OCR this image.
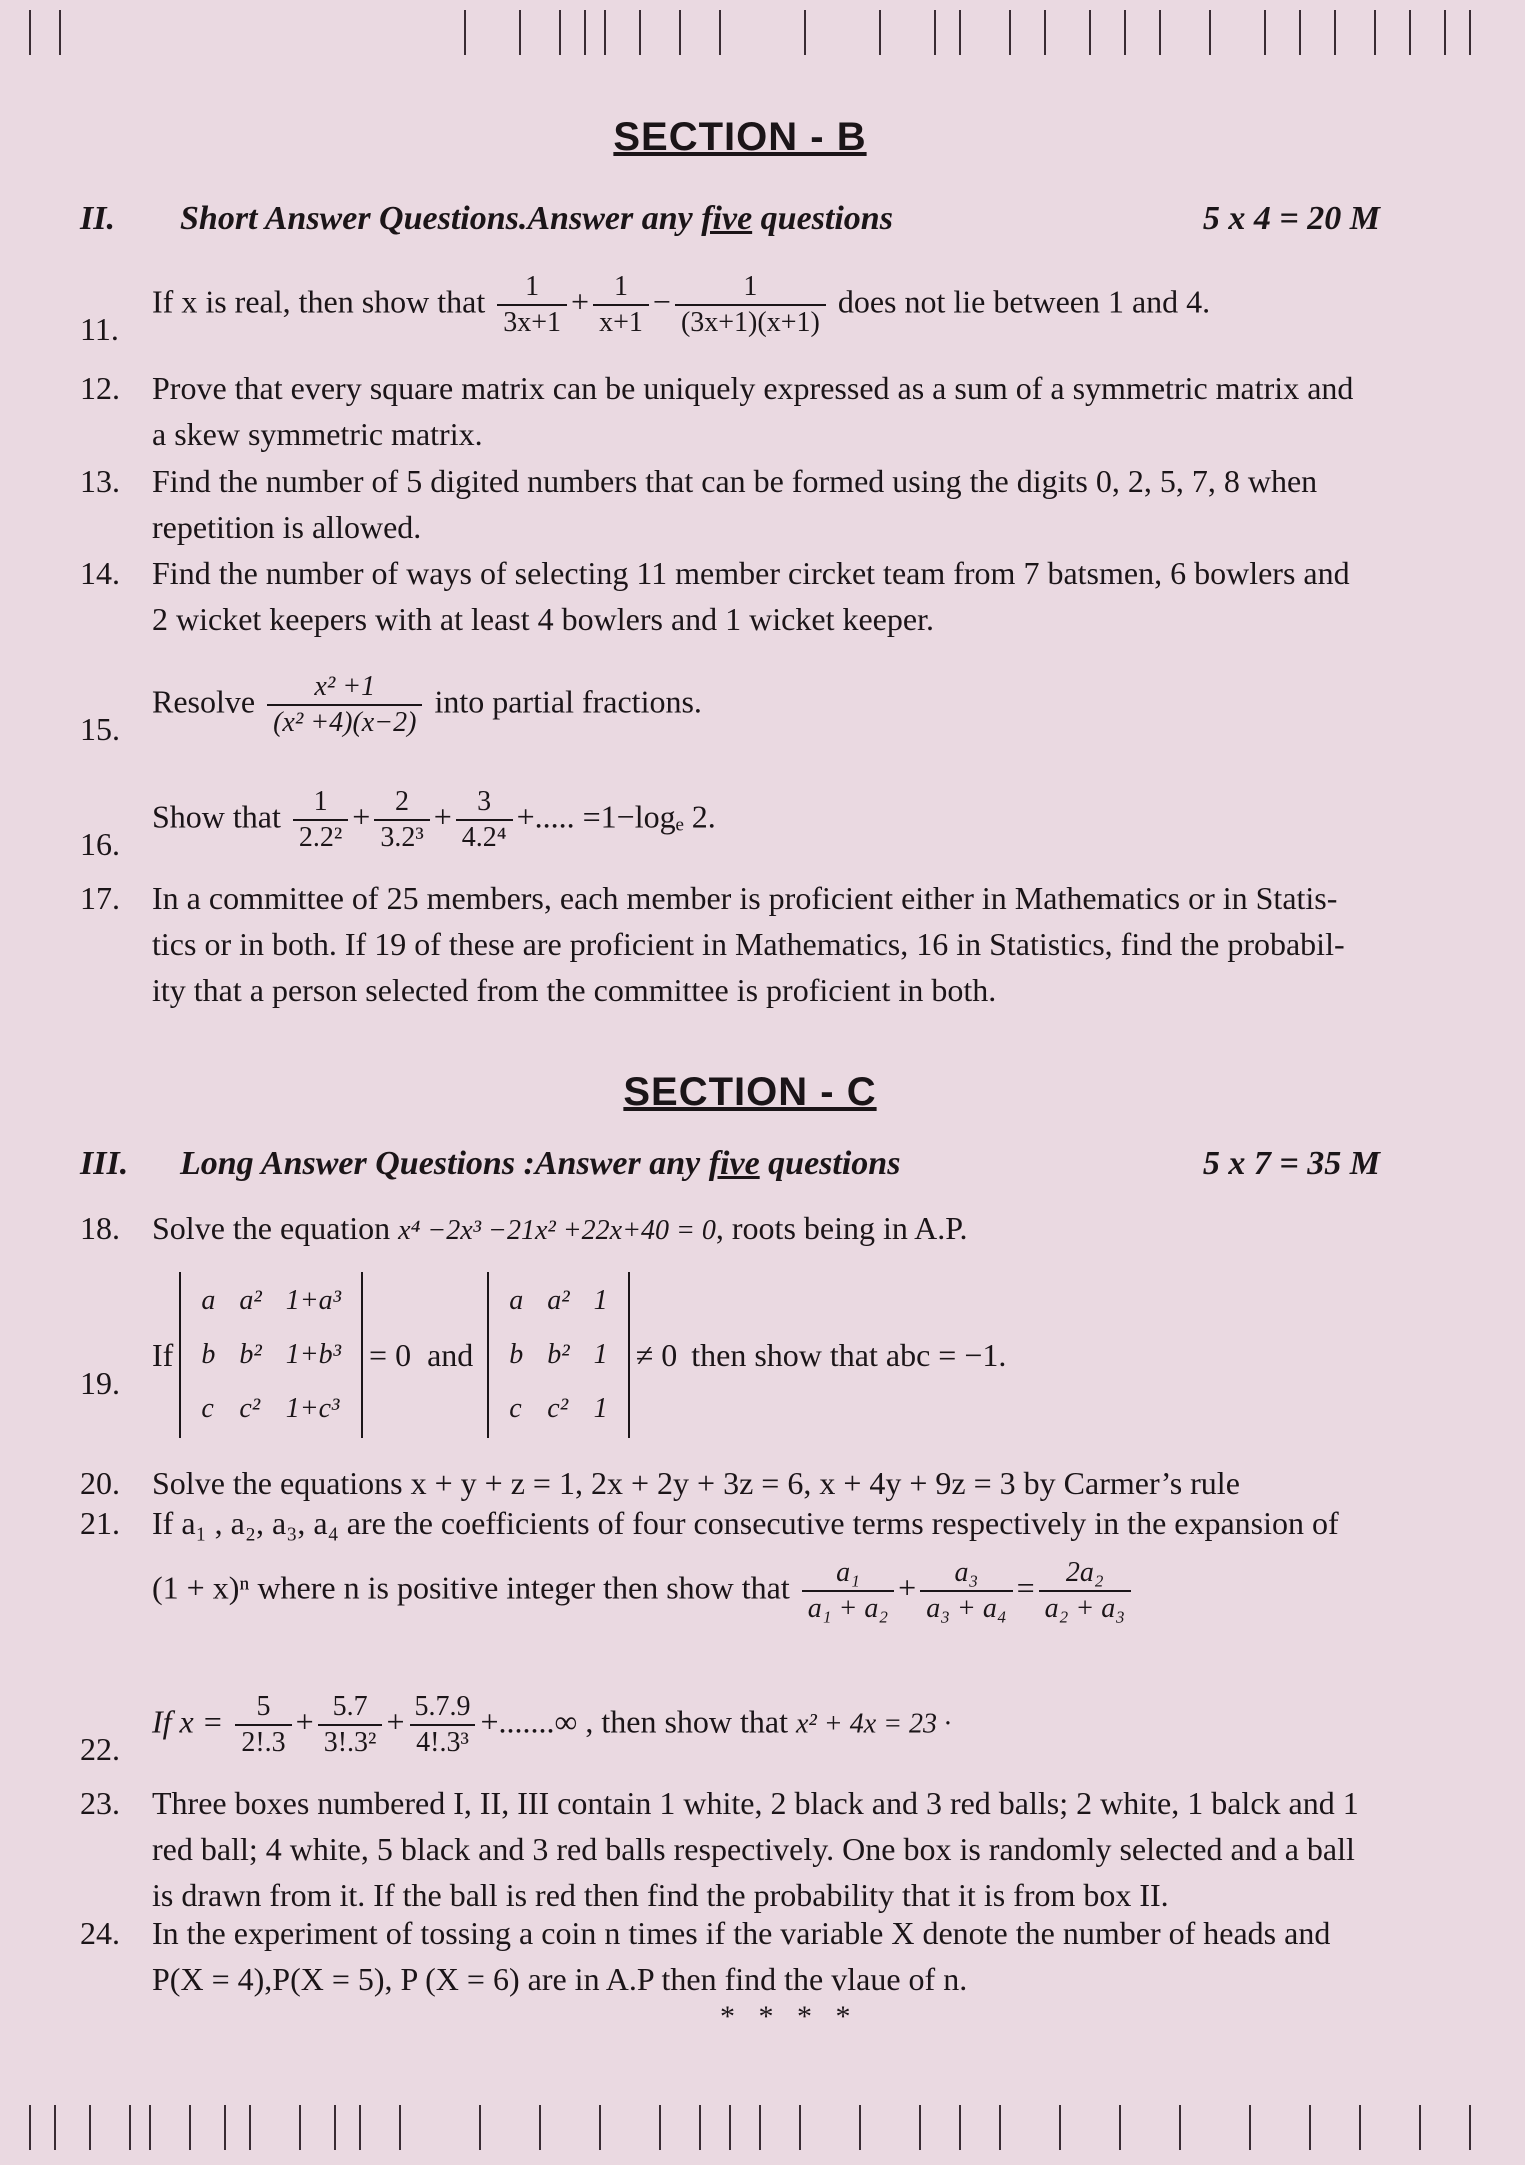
SECTION - B
II. Short Answer Questions.Answer any five questions	5 x 4 = 20 M
11.
If x is real, then show that $\frac{1}{3x+1} + \frac{1}{x+1} - \frac{1}{(3x+1)(x+1)}$ does not lie between 1 and 4.
12.	Prove that every square matrix can be uniquely expressed as a sum of a symmetric matrix and
a skew symmetric matrix.
13.	Find the number of 5 digited numbers that can be formed using the digits 0, 2, 5, 7, 8 when
repetition is allowed.
14.	Find the number of ways of selecting 11 member circket team from 7 batsmen, 6 bowlers and
2 wicket keepers with at least 4 bowlers and 1 wicket keeper.
15.
Resolve $\frac{\text{x² +1}}{\text{(x² +4)(x−2)}}$ into partial fractions.
16.
Show that $\frac{1}{\text{2.2²}} + \frac{2}{\text{3.2³}} + \frac{3}{\text{4.2⁴}}$ +..... =1−logₑ 2.
17.	In a committee of 25 members, each member is proficient either in Mathematics or in Statis-
tics or in both. If 19 of these are proficient in Mathematics, 16 in Statistics, find the probabil-
ity that a person selected from the committee is proficient in both.
SECTION - C
III. Long Answer Questions :Answer any five questions	5 x 7 = 35 M
18.	Solve the equation x⁴ −2x³ −21x² +22x+40 = 0, roots being in A.P.
19.
If
a	a²	1+a³
b	b²	1+b³
c	c²	1+c³
= 0  and
a	a²	1
b	b²	1
c	c²	1
≠ 0 then show that abc = −1.
20.	Solve the equations x + y + z = 1, 2x + 2y + 3z = 6, x + 4y + 9z = 3 by Carmer’s rule
21.	If a₁ , a₂, a₃, a₄ are the coefficients of four consecutive terms respectively in the expansion of
(1 + x)ⁿ where n is positive integer then show that $\frac{\text{a₁}}{\text{a₁ + a₂}} + \frac{\text{a₃}}{\text{a₃ + a₄}} = \frac{\text{2a₂}}{\text{a₂ + a₃}}$
22.
If $x = \frac{5}{2!.3} + \frac{5.7}{\text{3!.3²}} + \frac{5.7.9}{\text{4!.3³}}$ +.......∞ , then show that x² + 4x = 23 ·
23.	Three boxes numbered I, II, III contain 1 white, 2 black and 3 red balls; 2 white, 1 balck and 1
red ball; 4 white, 5 black and 3 red balls respectively. One box is randomly selected and a ball
is drawn from it. If the ball is red then find the probability that it is from box II.
24.	In the experiment of tossing a coin n times if the variable X denote the number of heads and
P(X = 4),P(X = 5), P (X = 6) are in A.P then find the vlaue of n.
* * * *
